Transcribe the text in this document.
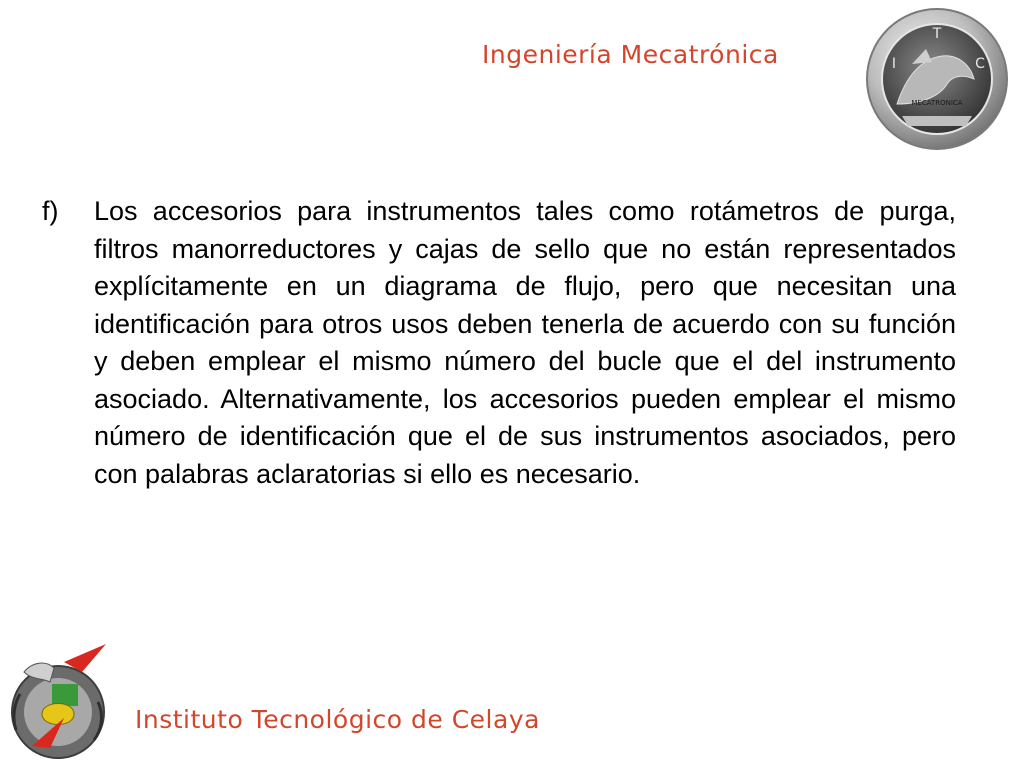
Ingeniería Mecatrónica
T
I	C
MECATRONICA
f)	Los accesorios para instrumentos tales como rotámetros de purga, filtros manorreductores y cajas de sello que no están representados explícitamente en un diagrama de flujo, pero que necesitan una identificación para otros usos deben tenerla de acuerdo con su función y deben emplear el mismo número del bucle que el del instrumento asociado. Alternativamente, los accesorios pueden emplear el mismo número de identificación que el de sus instrumentos asociados, pero con palabras aclaratorias si ello es necesario.

Instituto Tecnológico de Celaya
